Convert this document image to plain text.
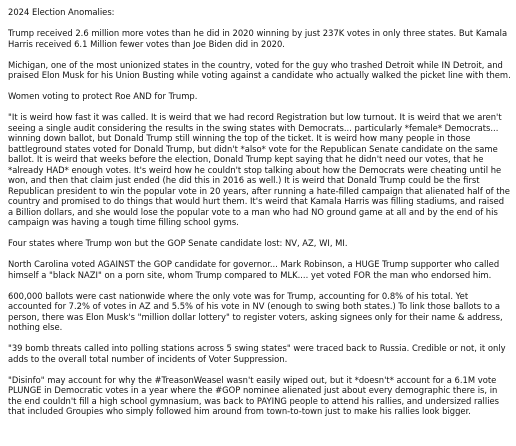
2024 Election Anomalies:

Trump received 2.6 million more votes than he did in 2020 winning by just 237K votes in only three states. But Kamala Harris received 6.1 Million fewer votes than Joe Biden did in 2020.

Michigan, one of the most unionized states in the country, voted for the guy who trashed Detroit while IN Detroit, and praised Elon Musk for his Union Busting while voting against a candidate who actually walked the picket line with them.

Women voting to protect Roe AND for Trump.

"It is weird how fast it was called. It is weird that we had record Registration but low turnout. It is weird that we aren't seeing a single audit considering the results in the swing states with Democrats... particularly *female* Democrats... winning down ballot, but Donald Trump still winning the top of the ticket. It is weird how many people in those battleground states voted for Donald Trump, but didn't *also* vote for the Republican Senate candidate on the same ballot. It is weird that weeks before the election, Donald Trump kept saying that he didn't need our votes, that he *already HAD* enough votes. It's weird how he couldn't stop talking about how the Democrats were cheating until he won, and then that claim just ended (he did this in 2016 as well.) It is weird that Donald Trump could be the first Republican president to win the popular vote in 20 years, after running a hate-filled campaign that alienated half of the country and promised to do things that would hurt them. It's weird that Kamala Harris was filling stadiums, and raised a Billion dollars, and she would lose the popular vote to a man who had NO ground game at all and by the end of his campaign was having a tough time filling school gyms.

Four states where Trump won but the GOP Senate candidate lost: NV, AZ, WI, MI.

North Carolina voted AGAINST the GOP candidate for governor... Mark Robinson, a HUGE Trump supporter who called himself a "black NAZI" on a porn site, whom Trump compared to MLK.... yet voted FOR the man who endorsed him.

600,000 ballots were cast nationwide where the only vote was for Trump, accounting for 0.8% of his total. Yet accounted for 7.2% of votes in AZ and 5.5% of his vote in NV (enough to swing both states.) To link those ballots to a person, there was Elon Musk's "million dollar lottery" to register voters, asking signees only for their name & address, nothing else.

"39 bomb threats called into polling stations across 5 swing states" were traced back to Russia. Credible or not, it only adds to the overall total number of incidents of Voter Suppression.

"Disinfo" may account for why the #TreasonWeasel wasn't easily wiped out, but it *doesn't* account for a 6.1M vote PLUNGE in Democratic votes in a year where the #GOP nominee alienated just about every demographic there is, in the end couldn't fill a high school gymnasium, was back to PAYING people to attend his rallies, and undersized rallies that included Groupies who simply followed him around from town-to-town just to make his rallies look bigger.
